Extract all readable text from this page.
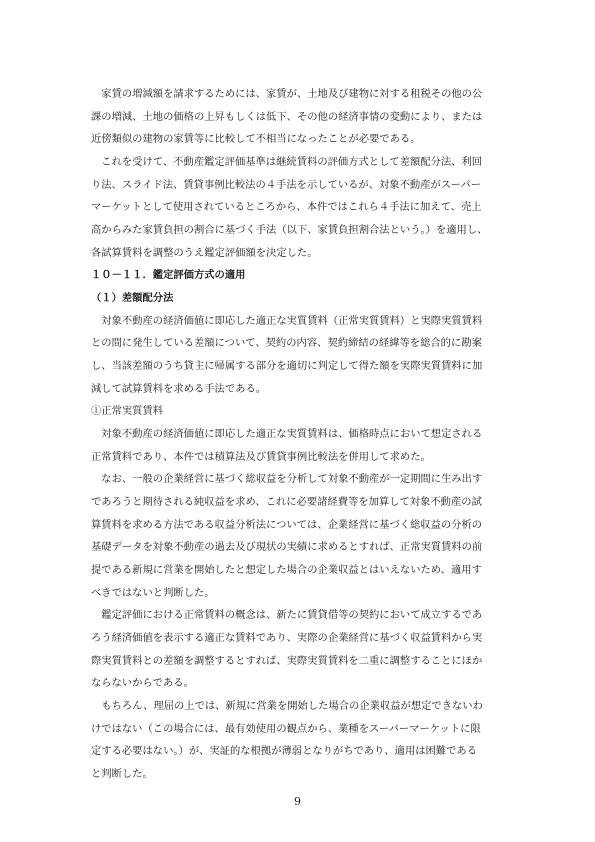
　家賃の増減額を請求するためには、家賃が、土地及び建物に対する租税その他の公
課の増減、土地の価格の上昇もしくは低下、その他の経済事情の変動により、または
近傍類似の建物の家賃等に比較して不相当になったことが必要である。
　これを受けて、不動産鑑定評価基準は継続賃料の評価方式として差額配分法、利回
り法、スライド法、賃貸事例比較法の４手法を示しているが、対象不動産がスーパー
マーケットとして使用されているところから、本件ではこれら４手法に加えて、売上
高からみた家賃負担の割合に基づく手法（以下、家賃負担割合法という。）を適用し、
各試算賃料を調整のうえ鑑定評価額を決定した。
１０－１１．鑑定評価方式の適用
（１）差額配分法
　対象不動産の経済価値に即応した適正な実質賃料（正常実質賃料）と実際実質賃料
との間に発生している差額について、契約の内容、契約締結の経緯等を総合的に勘案
し、当該差額のうち貸主に帰属する部分を適切に判定して得た額を実際実質賃料に加
減して試算賃料を求める手法である。
①正常実質賃料
　対象不動産の経済価値に即応した適正な実質賃料は、価格時点において想定される
正常賃料であり、本件では積算法及び賃貸事例比較法を併用して求めた。
　なお、一般の企業経営に基づく総収益を分析して対象不動産が一定期間に生み出す
であろうと期待される純収益を求め、これに必要諸経費等を加算して対象不動産の試
算賃料を求める方法である収益分析法については、企業経営に基づく総収益の分析の
基礎データを対象不動産の過去及び現状の実績に求めるとすれば、正常実質賃料の前
提である新規に営業を開始したと想定した場合の企業収益とはいえないため、適用す
べきではないと判断した。
　鑑定評価における正常賃料の概念は、新たに賃貸借等の契約において成立するであ
ろう経済価値を表示する適正な賃料であり、実際の企業経営に基づく収益賃料から実
際実質賃料との差額を調整するとすれば、実際実質賃料を二重に調整することにほか
ならないからである。
　もちろん、理屈の上では、新規に営業を開始した場合の企業収益が想定できないわ
けではない（この場合には、最有効使用の観点から、業種をスーパーマーケットに限
定する必要はない。）が、実証的な根拠が薄弱となりがちであり、適用は困難である
と判断した。
9
